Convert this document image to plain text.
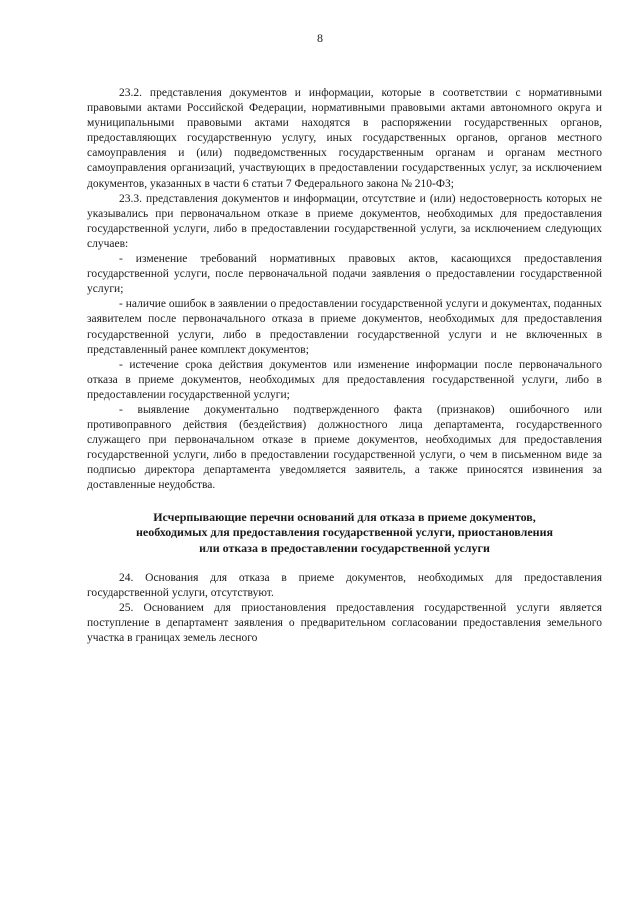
8

23.2. представления документов и информации, которые в соответствии с нормативными правовыми актами Российской Федерации, нормативными правовыми актами автономного округа и муниципальными правовыми актами находятся в распоряжении государственных органов, предоставляющих государственную услугу, иных государственных органов, органов местного самоуправления и (или) подведомственных государственным органам и органам местного самоуправления организаций, участвующих в предоставлении государственных услуг, за исключением документов, указанных в части 6 статьи 7 Федерального закона № 210-ФЗ;

23.3. представления документов и информации, отсутствие и (или) недостоверность которых не указывались при первоначальном отказе в приеме документов, необходимых для предоставления государственной услуги, либо в предоставлении государственной услуги, за исключением следующих случаев:

- изменение требований нормативных правовых актов, касающихся предоставления государственной услуги, после первоначальной подачи заявления о предоставлении государственной услуги;

- наличие ошибок в заявлении о предоставлении государственной услуги и документах, поданных заявителем после первоначального отказа в приеме документов, необходимых для предоставления государственной услуги, либо в предоставлении государственной услуги и не включенных в представленный ранее комплект документов;

- истечение срока действия документов или изменение информации после первоначального отказа в приеме документов, необходимых для предоставления государственной услуги, либо в предоставлении государственной услуги;

- выявление документально подтвержденного факта (признаков) ошибочного или противоправного действия (бездействия) должностного лица департамента, государственного служащего при первоначальном отказе в приеме документов, необходимых для предоставления государственной услуги, либо в предоставлении государственной услуги, о чем в письменном виде за подписью директора департамента уведомляется заявитель, а также приносятся извинения за доставленные неудобства.

Исчерпывающие перечни оснований для отказа в приеме документов, необходимых для предоставления государственной услуги, приостановления или отказа в предоставлении государственной услуги

24. Основания для отказа в приеме документов, необходимых для предоставления государственной услуги, отсутствуют.

25. Основанием для приостановления предоставления государственной услуги является поступление в департамент заявления о предварительном согласовании предоставления земельного участка в границах земель лесного
